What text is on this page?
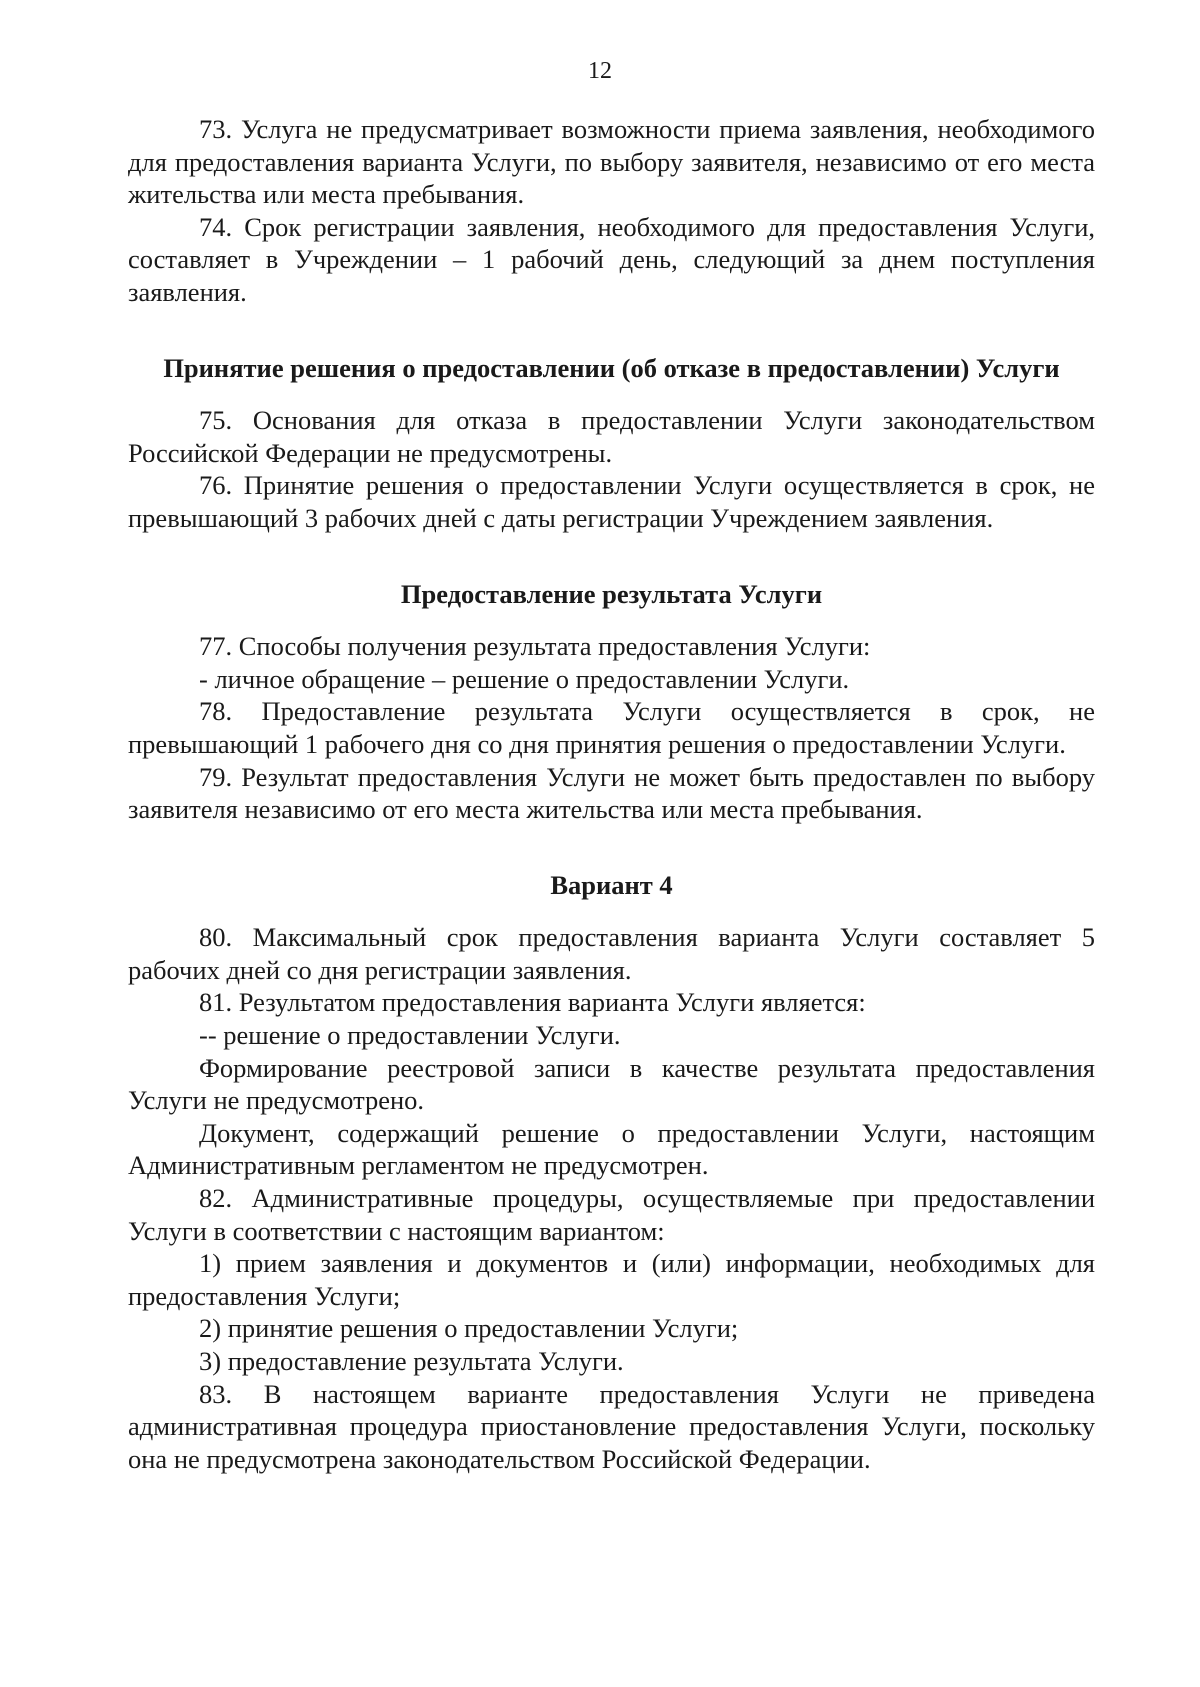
12

73. Услуга не предусматривает возможности приема заявления, необходимого для предоставления варианта Услуги, по выбору заявителя, независимо от его места жительства или места пребывания.

74. Срок регистрации заявления, необходимого для предоставления Услуги, составляет в Учреждении – 1 рабочий день, следующий за днем поступления заявления.

Принятие решения о предоставлении (об отказе в предоставлении) Услуги

75. Основания для отказа в предоставлении Услуги законодательством Российской Федерации не предусмотрены.

76. Принятие решения о предоставлении Услуги осуществляется в срок, не превышающий 3 рабочих дней с даты регистрации Учреждением заявления.

Предоставление результата Услуги

77. Способы получения результата предоставления Услуги:

- личное обращение – решение о предоставлении Услуги.

78. Предоставление результата Услуги осуществляется в срок, не превышающий 1 рабочего дня со дня принятия решения о предоставлении Услуги.

79. Результат предоставления Услуги не может быть предоставлен по выбору заявителя независимо от его места жительства или места пребывания.

Вариант 4

80. Максимальный срок предоставления варианта Услуги составляет 5 рабочих дней со дня регистрации заявления.

81. Результатом предоставления варианта Услуги является:

-- решение о предоставлении Услуги.

Формирование реестровой записи в качестве результата предоставления Услуги не предусмотрено.

Документ, содержащий решение о предоставлении Услуги, настоящим Административным регламентом не предусмотрен.

82. Административные процедуры, осуществляемые при предоставлении Услуги в соответствии с настоящим вариантом:

1) прием заявления и документов и (или) информации, необходимых для предоставления Услуги;

2) принятие решения о предоставлении Услуги;

3) предоставление результата Услуги.

83. В настоящем варианте предоставления Услуги не приведена административная процедура приостановление предоставления Услуги, поскольку она не предусмотрена законодательством Российской Федерации.
